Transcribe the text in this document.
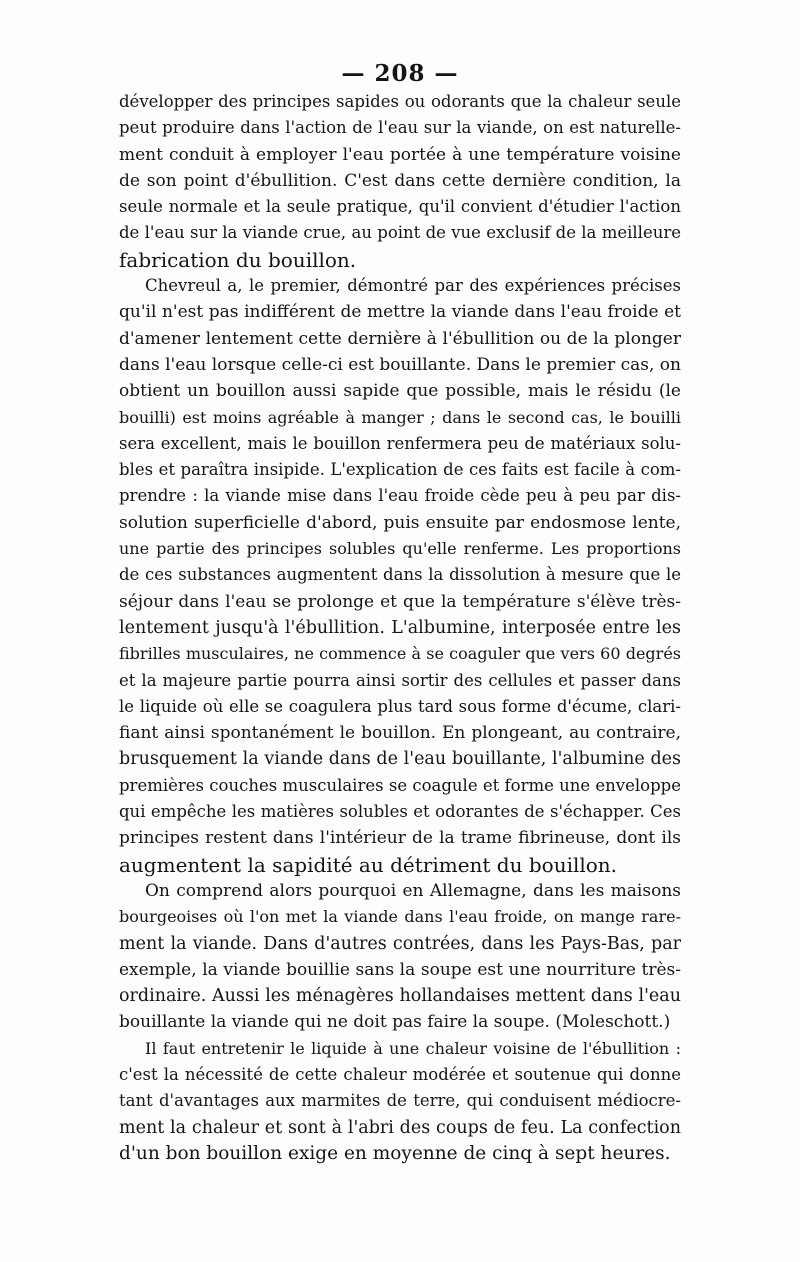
— 208 —
développer des principes sapides ou odorants que la chaleur seule
peut produire dans l'action de l'eau sur la viande, on est naturelle-
ment conduit à employer l'eau portée à une température voisine
de son point d'ébullition. C'est dans cette dernière condition, la
seule normale et la seule pratique, qu'il convient d'étudier l'action
de l'eau sur la viande crue, au point de vue exclusif de la meilleure
fabrication du bouillon.
Chevreul a, le premier, démontré par des expériences précises
qu'il n'est pas indifférent de mettre la viande dans l'eau froide et
d'amener lentement cette dernière à l'ébullition ou de la plonger
dans l'eau lorsque celle-ci est bouillante. Dans le premier cas, on
obtient un bouillon aussi sapide que possible, mais le résidu (le
bouilli) est moins agréable à manger ; dans le second cas, le bouilli
sera excellent, mais le bouillon renfermera peu de matériaux solu-
bles et paraîtra insipide. L'explication de ces faits est facile à com-
prendre : la viande mise dans l'eau froide cède peu à peu par dis-
solution superficielle d'abord, puis ensuite par endosmose lente,
une partie des principes solubles qu'elle renferme. Les proportions
de ces substances augmentent dans la dissolution à mesure que le
séjour dans l'eau se prolonge et que la température s'élève très-
lentement jusqu'à l'ébullition. L'albumine, interposée entre les
fibrilles musculaires, ne commence à se coaguler que vers 60 degrés
et la majeure partie pourra ainsi sortir des cellules et passer dans
le liquide où elle se coagulera plus tard sous forme d'écume, clari-
fiant ainsi spontanément le bouillon. En plongeant, au contraire,
brusquement la viande dans de l'eau bouillante, l'albumine des
premières couches musculaires se coagule et forme une enveloppe
qui empêche les matières solubles et odorantes de s'échapper. Ces
principes restent dans l'intérieur de la trame fibrineuse, dont ils
augmentent la sapidité au détriment du bouillon.
On comprend alors pourquoi en Allemagne, dans les maisons
bourgeoises où l'on met la viande dans l'eau froide, on mange rare-
ment la viande. Dans d'autres contrées, dans les Pays-Bas, par
exemple, la viande bouillie sans la soupe est une nourriture très-
ordinaire. Aussi les ménagères hollandaises mettent dans l'eau
bouillante la viande qui ne doit pas faire la soupe. (Moleschott.)
Il faut entretenir le liquide à une chaleur voisine de l'ébullition :
c'est la nécessité de cette chaleur modérée et soutenue qui donne
tant d'avantages aux marmites de terre, qui conduisent médiocre-
ment la chaleur et sont à l'abri des coups de feu. La confection
d'un bon bouillon exige en moyenne de cinq à sept heures.
